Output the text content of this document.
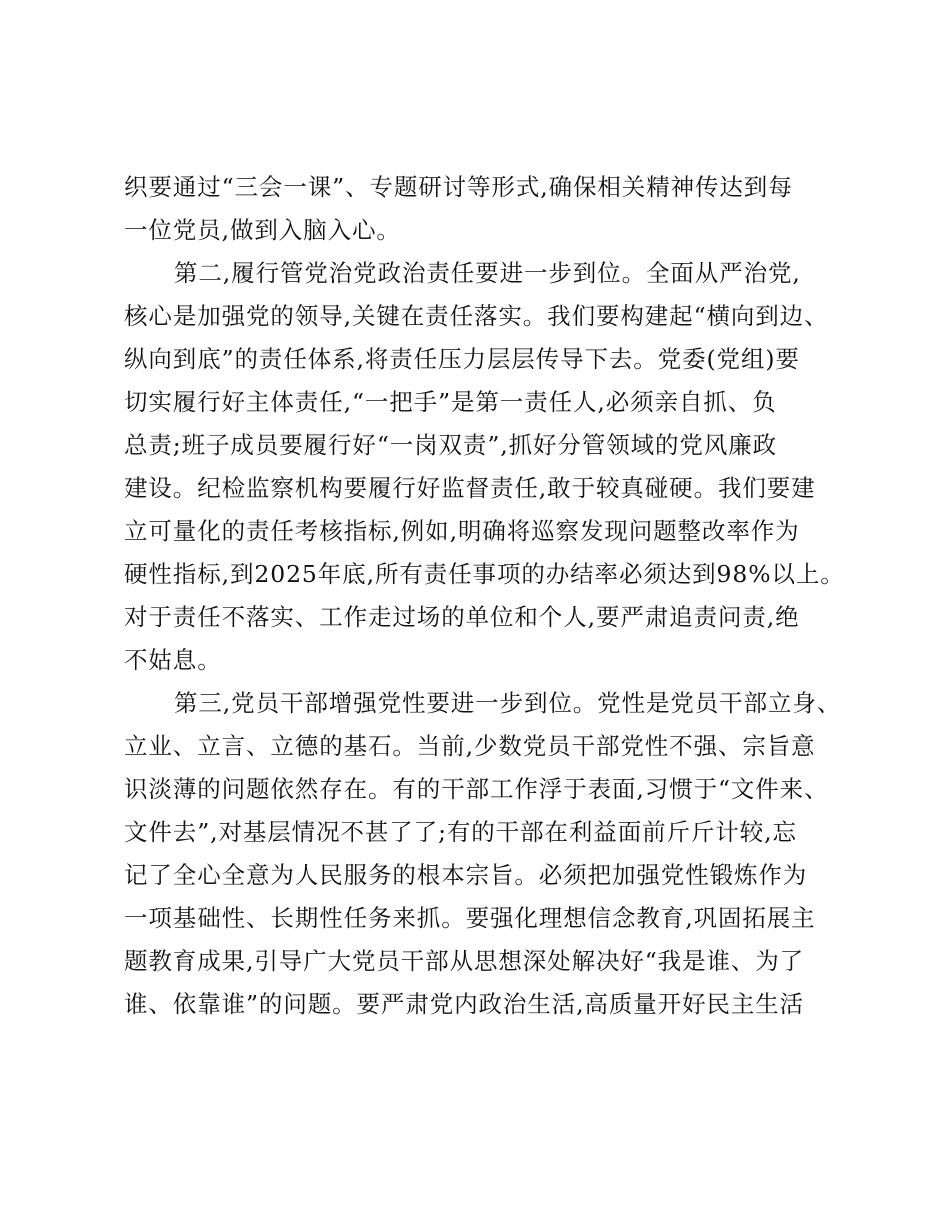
织要通过“三会一课”、专题研讨等形式,确保相关精神传达到每
一位党员,做到入脑入心。
第二,履行管党治党政治责任要进一步到位。全面从严治党,
核心是加强党的领导,关键在责任落实。我们要构建起“横向到边、
纵向到底”的责任体系,将责任压力层层传导下去。党委(党组)要
切实履行好主体责任,“一把手”是第一责任人,必须亲自抓、负
总责;班子成员要履行好“一岗双责”,抓好分管领域的党风廉政
建设。纪检监察机构要履行好监督责任,敢于较真碰硬。我们要建
立可量化的责任考核指标,例如,明确将巡察发现问题整改率作为
硬性指标,到2025年底,所有责任事项的办结率必须达到98%以上。
对于责任不落实、工作走过场的单位和个人,要严肃追责问责,绝
不姑息。
第三,党员干部增强党性要进一步到位。党性是党员干部立身、
立业、立言、立德的基石。当前,少数党员干部党性不强、宗旨意
识淡薄的问题依然存在。有的干部工作浮于表面,习惯于“文件来、
文件去”,对基层情况不甚了了;有的干部在利益面前斤斤计较,忘
记了全心全意为人民服务的根本宗旨。必须把加强党性锻炼作为
一项基础性、长期性任务来抓。要强化理想信念教育,巩固拓展主
题教育成果,引导广大党员干部从思想深处解决好“我是谁、为了
谁、依靠谁”的问题。要严肃党内政治生活,高质量开好民主生活
